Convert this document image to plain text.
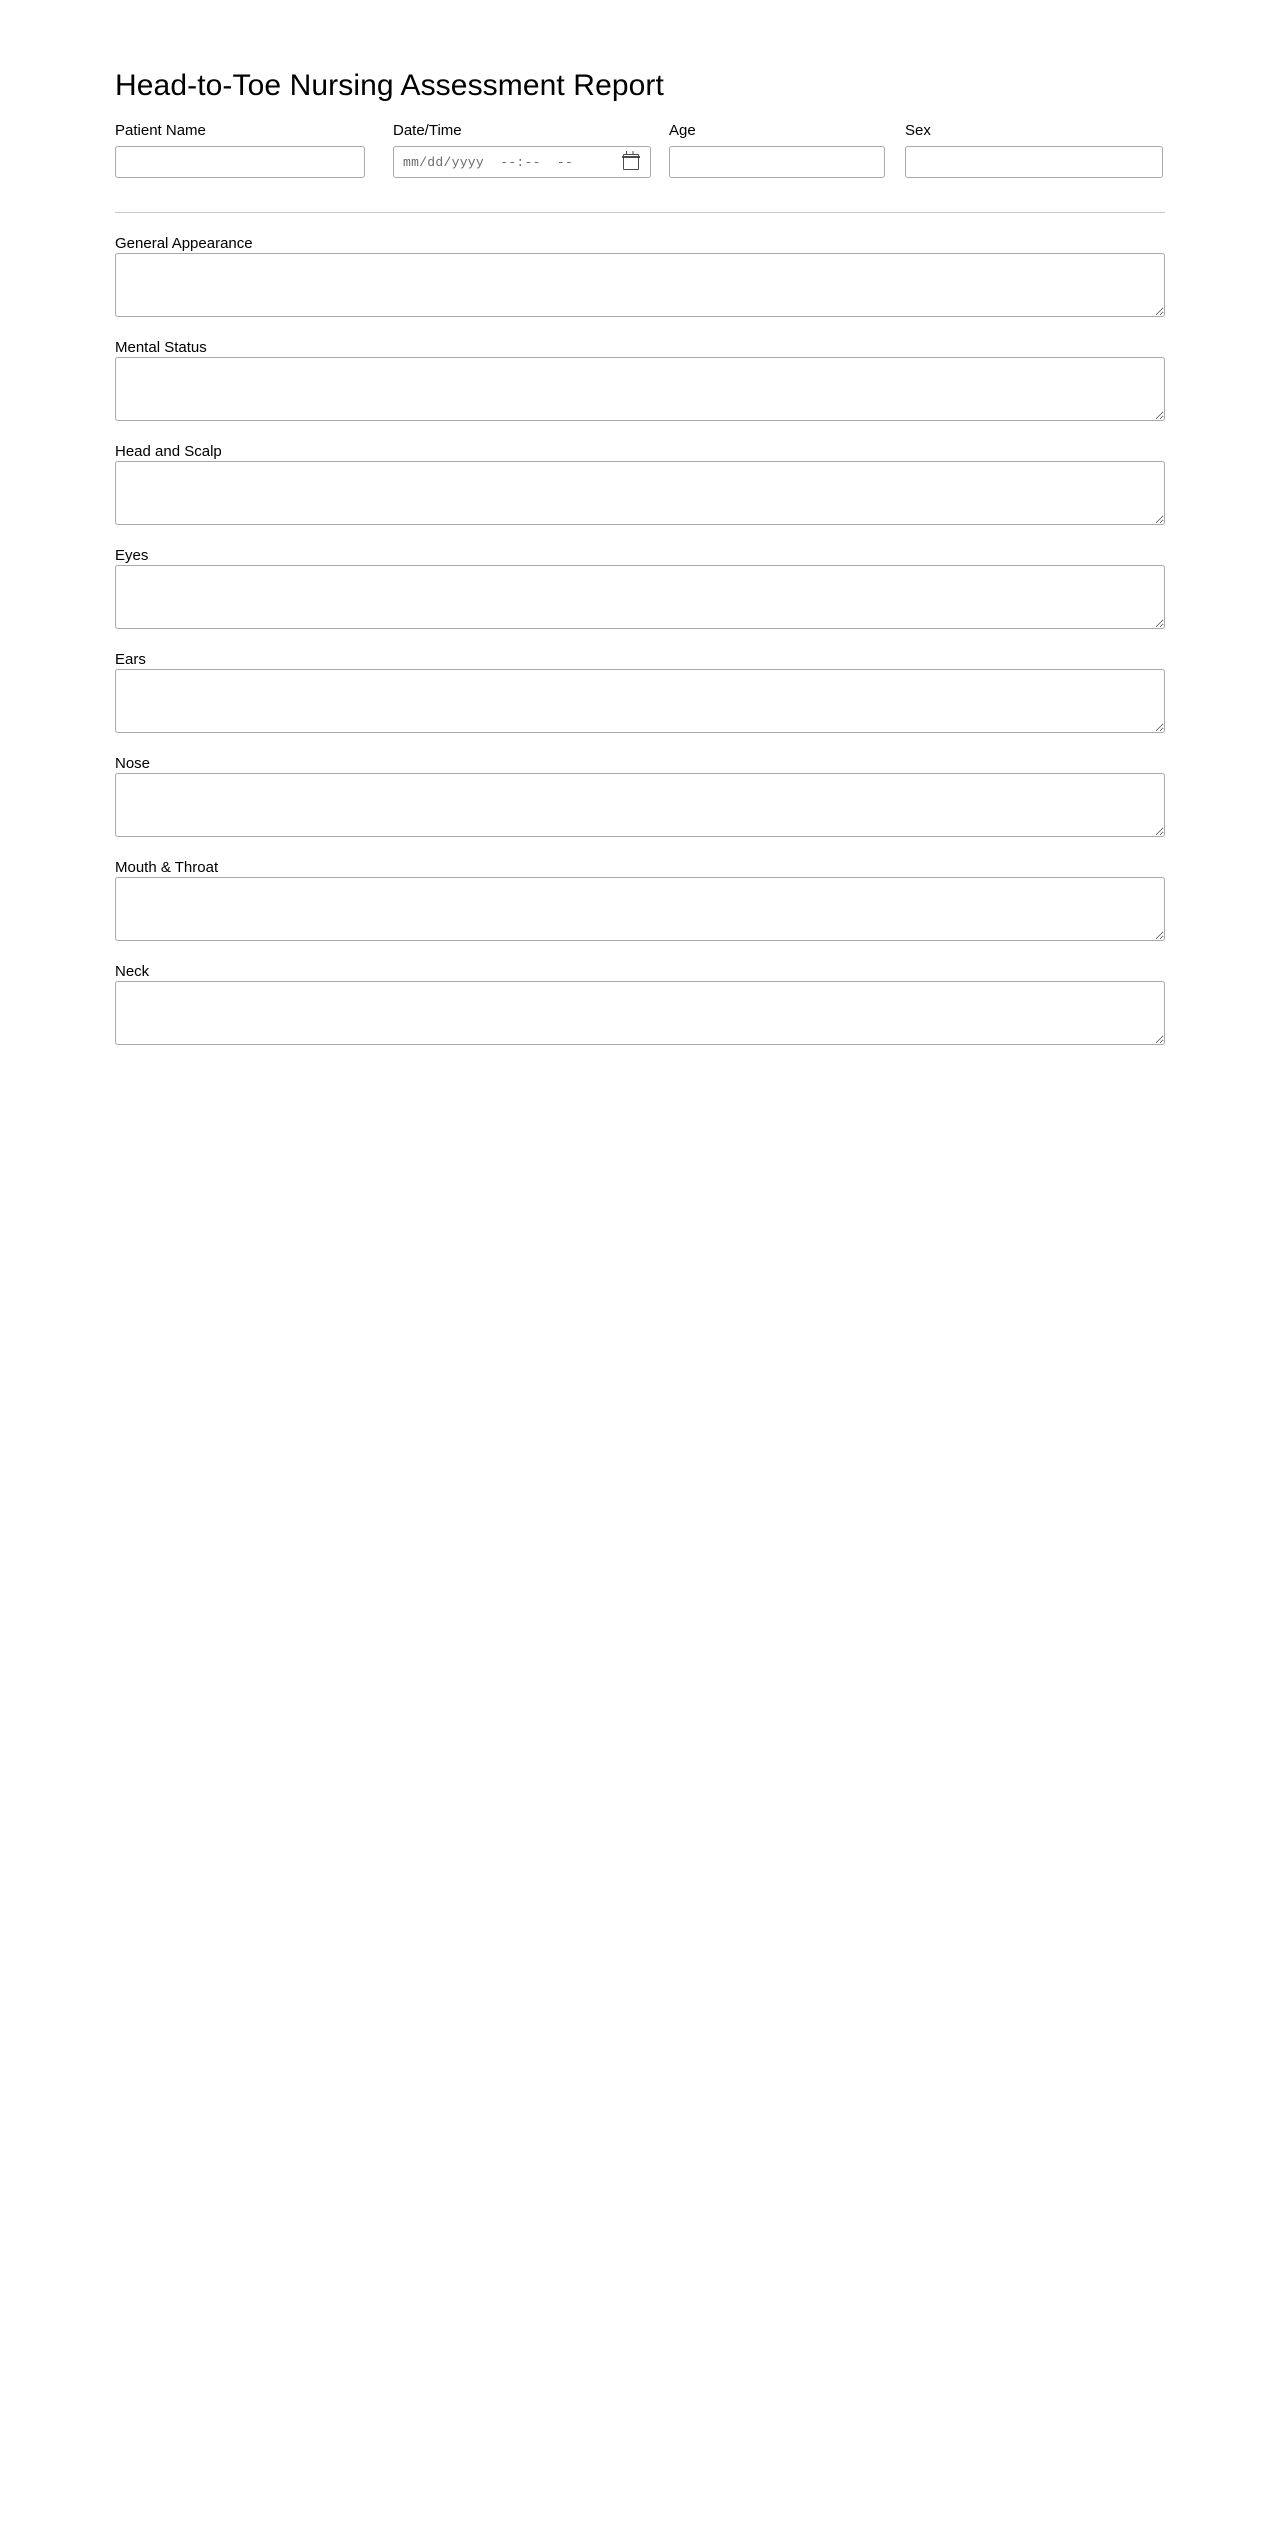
Head-to-Toe Nursing Assessment Report
Patient Name	Date/Time
mm/dd/yyyy  --:--  --
Age	Sex
General Appearance
Mental Status
Head and Scalp
Eyes
Ears
Nose
Mouth & Throat
Neck
